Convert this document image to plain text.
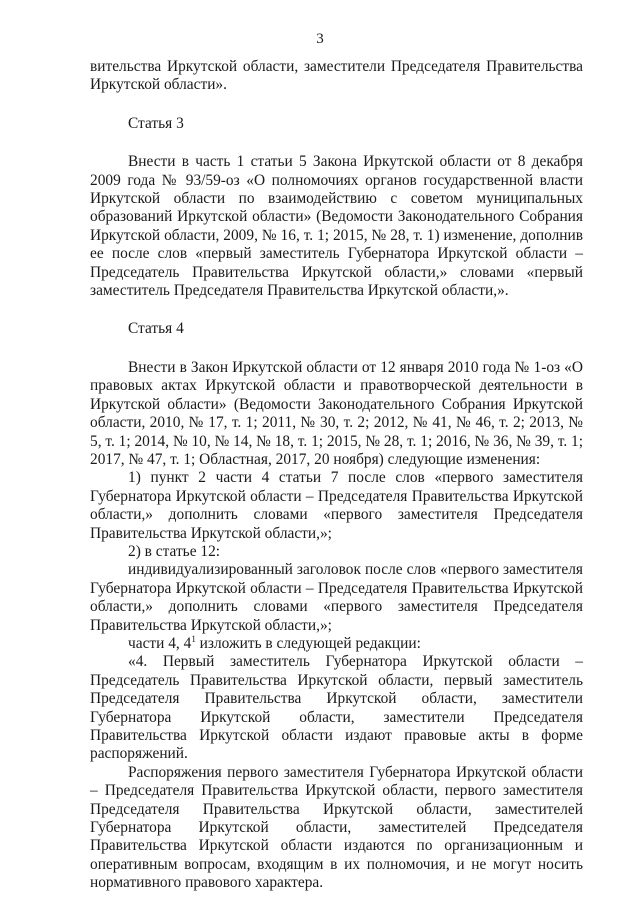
3

вительства Иркутской области, заместители Председателя Правительства Иркутской области».

Статья 3

Внести в часть 1 статьи 5 Закона Иркутской области от 8 декабря 2009 года № 93/59-оз «О полномочиях органов государственной власти Иркутской области по взаимодействию с советом муниципальных образований Иркутской области» (Ведомости Законодательного Собрания Иркутской области, 2009, № 16, т. 1; 2015, № 28, т. 1) изменение, дополнив ее после слов «первый заместитель Губернатора Иркутской области – Председатель Правительства Иркутской области,» словами «первый заместитель Председателя Правительства Иркутской области,».

Статья 4

Внести в Закон Иркутской области от 12 января 2010 года № 1-оз «О правовых актах Иркутской области и правотворческой деятельности в Иркутской области» (Ведомости Законодательного Собрания Иркутской области, 2010, № 17, т. 1; 2011, № 30, т. 2; 2012, № 41, № 46, т. 2; 2013, № 5, т. 1; 2014, № 10, № 14, № 18, т. 1; 2015, № 28, т. 1; 2016, № 36, № 39, т. 1; 2017, № 47, т. 1; Областная, 2017, 20 ноября) следующие изменения:

1) пункт 2 части 4 статьи 7 после слов «первого заместителя Губернатора Иркутской области – Председателя Правительства Иркутской области,» дополнить словами «первого заместителя Председателя Правительства Иркутской области,»;

2) в статье 12:

индивидуализированный заголовок после слов «первого заместителя Губернатора Иркутской области – Председателя Правительства Иркутской области,» дополнить словами «первого заместителя Председателя Правительства Иркутской области,»;

части 4, $4^1$ изложить в следующей редакции:

«4. Первый заместитель Губернатора Иркутской области – Председатель Правительства Иркутской области, первый заместитель Председателя Правительства Иркутской области, заместители Губернатора Иркутской области, заместители Председателя Правительства Иркутской области издают правовые акты в форме распоряжений.

Распоряжения первого заместителя Губернатора Иркутской области – Председателя Правительства Иркутской области, первого заместителя Председателя Правительства Иркутской области, заместителей Губернатора Иркутской области, заместителей Председателя Правительства Иркутской области издаются по организационным и оперативным вопросам, входящим в их полномочия, и не могут носить нормативного правового характера.
